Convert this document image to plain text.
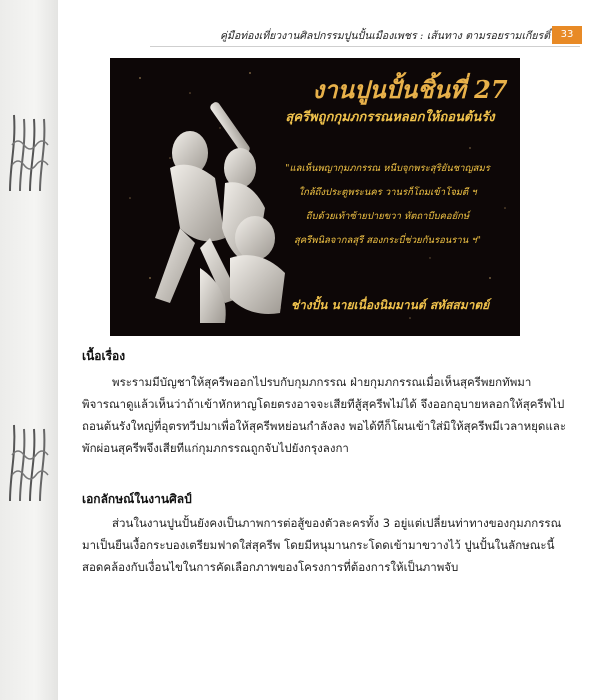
คู่มือท่องเที่ยวงานศิลปกรรมปูนปั้นเมืองเพชร : เส้นทาง ตามรอยรามเกียรติ์	33
งานปูนปั้นชิ้นที่ 27
สุครีพถูกกุมภกรรณหลอกให้ถอนต้นรัง
"แลเห็นพญากุมภกรรณ หนีบจุกพระสุริยันชาญสมร
ใกล้ถึงประตูพระนคร วานรก็โถมเข้าโจมตี ฯ
ถีบด้วยเท้าซ้ายปายขวา หัตถาบีบคอยักษ์
สุครีพนิลจากลสุรี สองกระบี่ช่วยกันรอนราน ฯ"
ช่างปั้น นายเนื่องนิมมานต์ สหัสสมาตย์
เนื้อเรื่อง
พระรามมีบัญชาให้สุครีพออกไปรบกับกุมภกรรณ ฝ่ายกุมภกรรณเมื่อเห็นสุครีพยกทัพมา
พิจารณาดูแล้วเห็นว่าถ้าเข้าหักหาญโดยตรงอาจจะเสียทีสู้สุครีพไม่ได้ จึงออกอุบายหลอกให้สุครีพไป
ถอนต้นรังใหญ่ที่อุตรทวีปมาเพื่อให้สุครีพหย่อนกำลังลง พอได้ทีก็โผนเข้าใส่มิให้สุครีพมีเวลาหยุดและ
พักผ่อนสุครีพจึงเสียทีแก่กุมภกรรณถูกจับไปยังกรุงลงกา
เอกลักษณ์ในงานศิลป์
ส่วนในงานปูนปั้นยังคงเป็นภาพการต่อสู้ของตัวละครทั้ง 3 อยู่แต่เปลี่ยนท่าทางของกุมภกรรณ
มาเป็นยืนเงื้อกระบองเตรียมฟาดใส่สุครีพ โดยมีหนุมานกระโดดเข้ามาขวางไว้ ปูนปั้นในลักษณะนี้
สอดคล้องกับเงื่อนไขในการคัดเลือกภาพของโครงการที่ต้องการให้เป็นภาพจับ
